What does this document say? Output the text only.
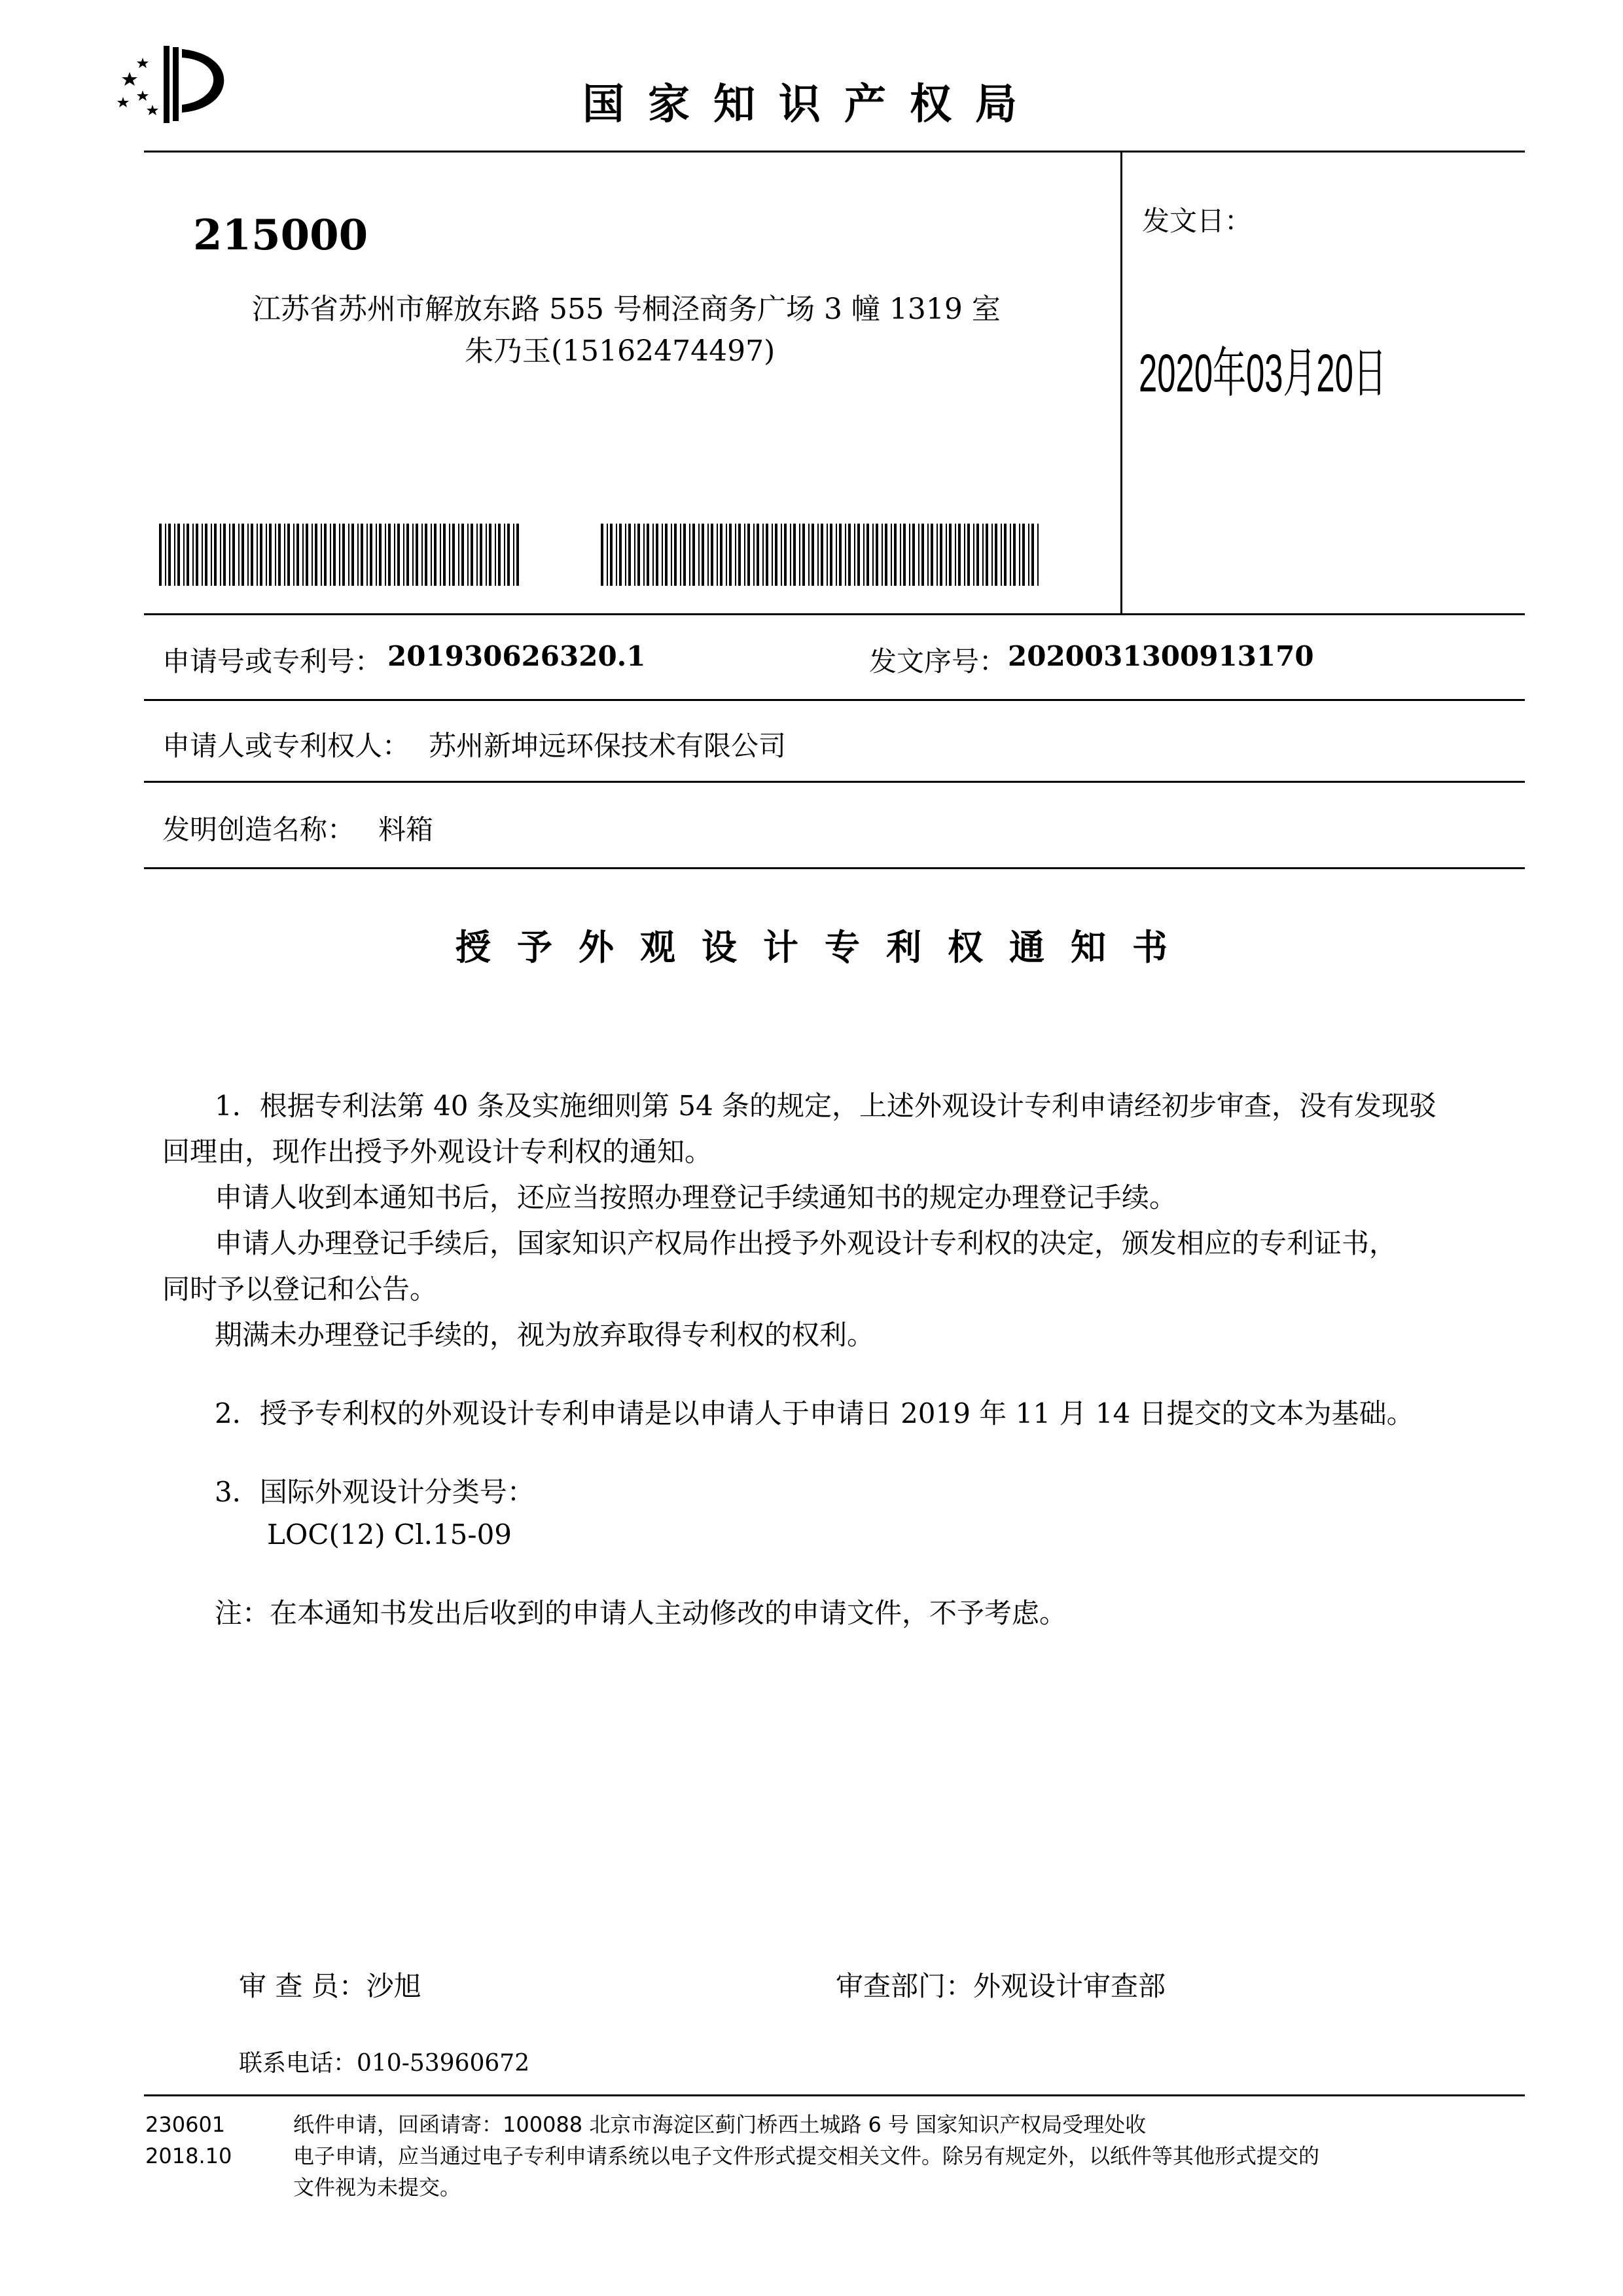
国家知识产权局
215000
江苏省苏州市解放东路 555 号桐泾商务广场 3 幢 1319 室
朱乃玉(15162474497)
发文日：
2020年03月20日
申请号或专利号： 201930626320.1	发文序号： 2020031300913170
申请人或专利权人： 苏州新坤远环保技术有限公司
发明创造名称： 料箱
授予外观设计专利权通知书
1．根据专利法第 40 条及实施细则第 54 条的规定，上述外观设计专利申请经初步审查，没有发现驳
回理由，现作出授予外观设计专利权的通知。
申请人收到本通知书后，还应当按照办理登记手续通知书的规定办理登记手续。
申请人办理登记手续后，国家知识产权局作出授予外观设计专利权的决定，颁发相应的专利证书，
同时予以登记和公告。
期满未办理登记手续的，视为放弃取得专利权的权利。
2．授予专利权的外观设计专利申请是以申请人于申请日 2019 年 11 月 14 日提交的文本为基础。
3．国际外观设计分类号：
LOC(12) Cl.15-09
注：在本通知书发出后收到的申请人主动修改的申请文件，不予考虑。
审 查 员：沙旭	审查部门：外观设计审查部
联系电话：010-53960672
230601
2018.10
纸件申请，回函请寄：100088 北京市海淀区蓟门桥西土城路 6 号 国家知识产权局受理处收
电子申请，应当通过电子专利申请系统以电子文件形式提交相关文件。除另有规定外，以纸件等其他形式提交的
文件视为未提交。
